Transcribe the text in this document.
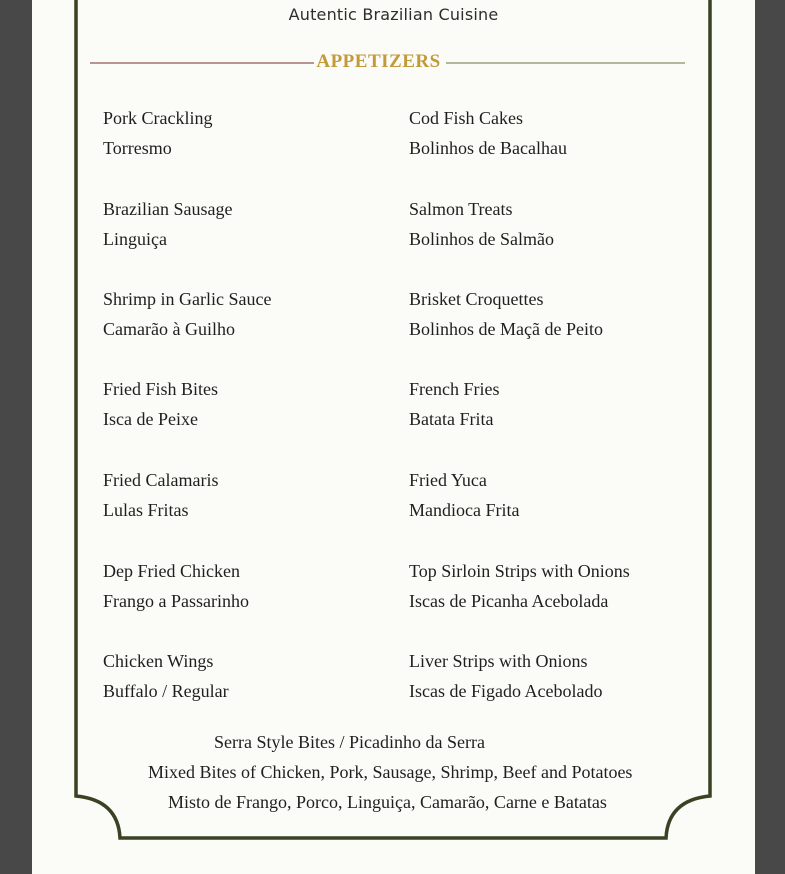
Autentic Brazilian Cuisine
APPETIZERS
Pork Crackling
Torresmo
Brazilian Sausage
Linguiça
Shrimp in Garlic Sauce
Camarão à Guilho
Fried Fish Bites
Isca de Peixe
Fried Calamaris
Lulas Fritas
Dep Fried Chicken
Frango a Passarinho
Chicken Wings
Buffalo / Regular
Cod Fish Cakes
Bolinhos de Bacalhau
Salmon Treats
Bolinhos de Salmão
Brisket Croquettes
Bolinhos de Maçã de Peito
French Fries
Batata Frita
Fried Yuca
Mandioca Frita
Top Sirloin Strips with Onions
Iscas de Picanha Acebolada
Liver Strips with Onions
Iscas de Figado Acebolado
Serra Style Bites / Picadinho da Serra
Mixed Bites of Chicken, Pork, Sausage, Shrimp, Beef and Potatoes
Misto de Frango, Porco, Linguiça, Camarão, Carne e Batatas
